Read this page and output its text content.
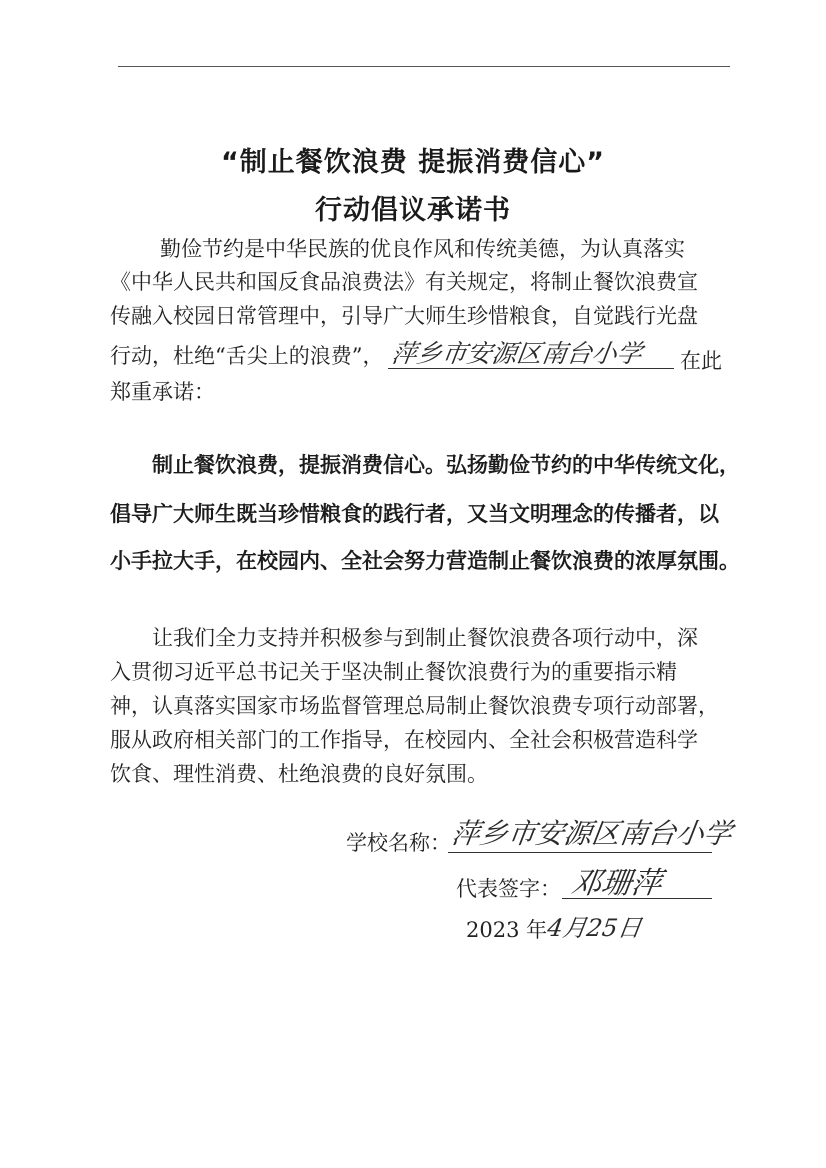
“制止餐饮浪费 提振消费信心”
行动倡议承诺书
勤俭节约是中华民族的优良作风和传统美德，为认真落实
《中华人民共和国反食品浪费法》有关规定，将制止餐饮浪费宣
传融入校园日常管理中，引导广大师生珍惜粮食，自觉践行光盘
行动，杜绝“舌尖上的浪费”， 萍乡市安源区南台小学 在此
郑重承诺：
制止餐饮浪费，提振消费信心。弘扬勤俭节约的中华传统文化，
倡导广大师生既当珍惜粮食的践行者，又当文明理念的传播者，以
小手拉大手，在校园内、全社会努力营造制止餐饮浪费的浓厚氛围。
让我们全力支持并积极参与到制止餐饮浪费各项行动中，深
入贯彻习近平总书记关于坚决制止餐饮浪费行为的重要指示精
神，认真落实国家市场监督管理总局制止餐饮浪费专项行动部署，
服从政府相关部门的工作指导，在校园内、全社会积极营造科学
饮食、理性消费、杜绝浪费的良好氛围。
学校名称：
萍乡市安源区南台小学
代表签字： 邓珊萍
2023 年
4月25日
